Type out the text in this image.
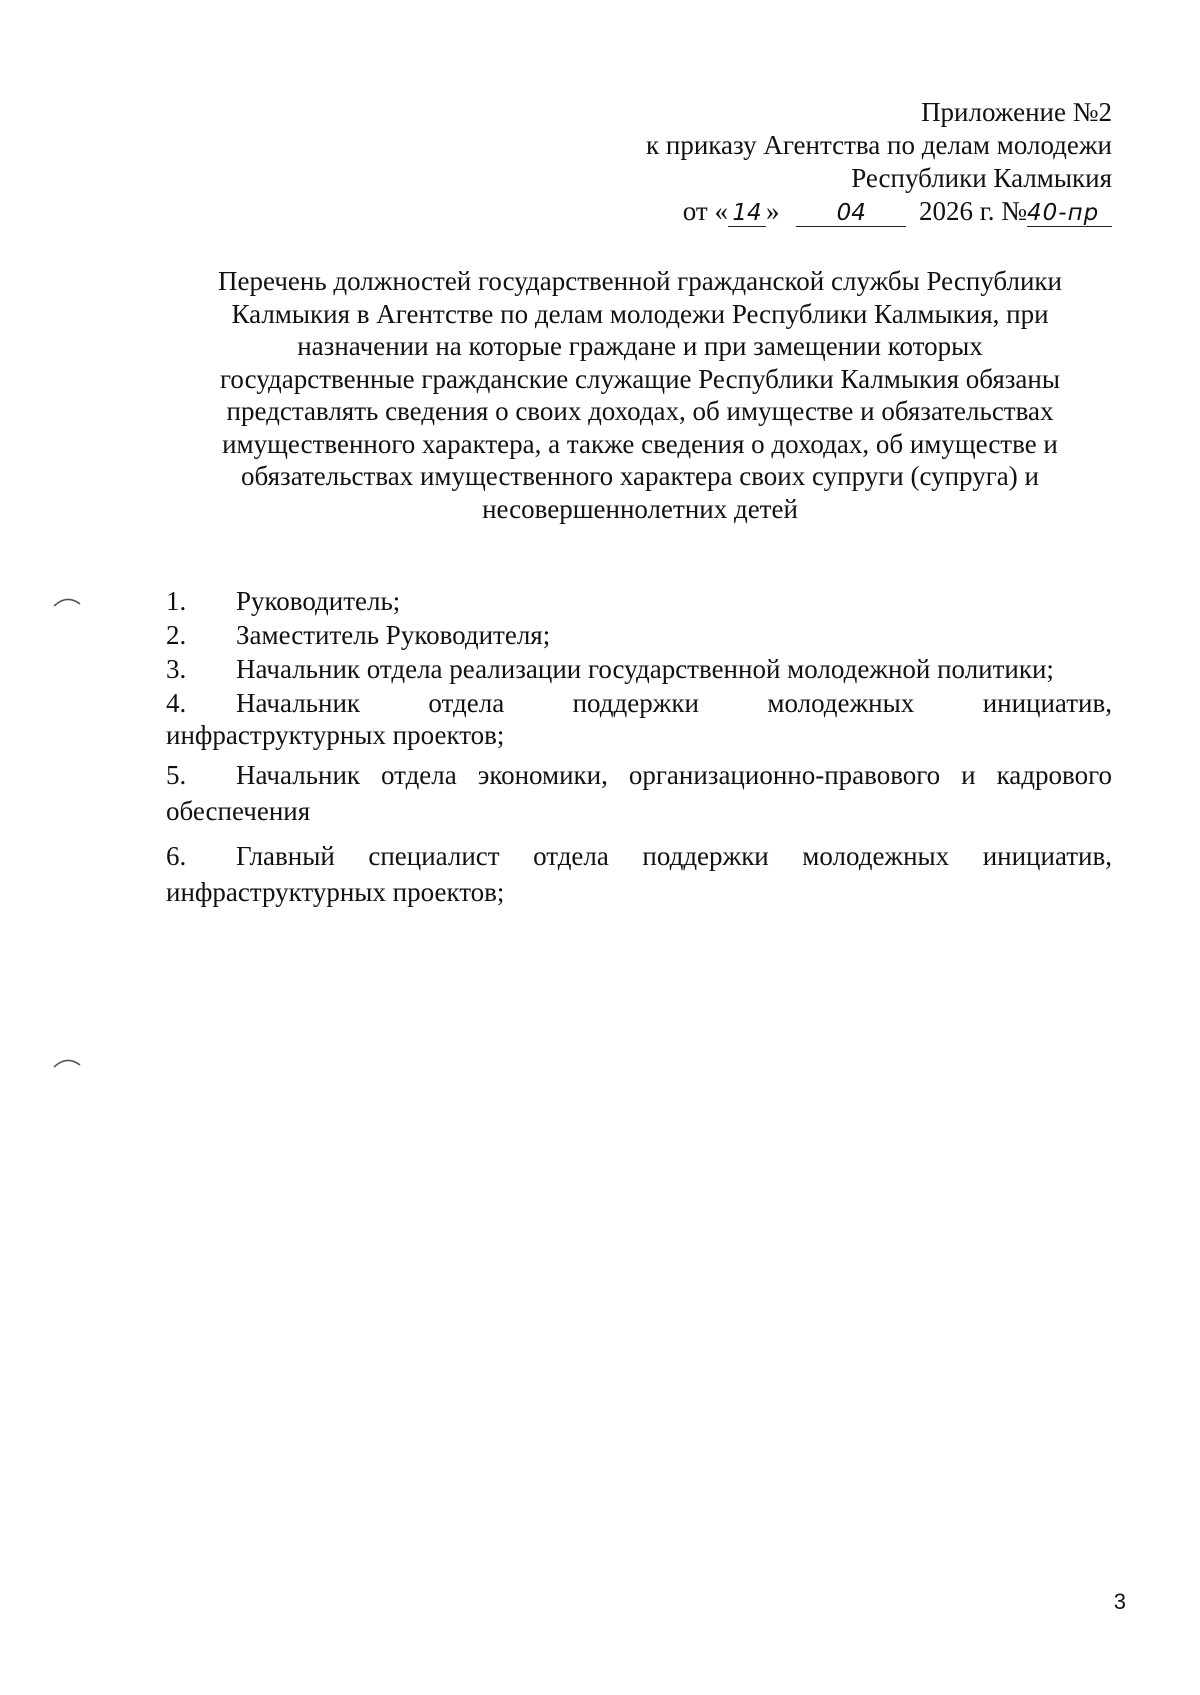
Приложение №2
к приказу Агентства по делам молодежи
Республики Калмыкия
от « 14 » 04 2026 г. №40-пр
Перечень должностей государственной гражданской службы Республики
Калмыкия в Агентстве по делам молодежи Республики Калмыкия, при
назначении на которые граждане и при замещении которых
государственные гражданские служащие Республики Калмыкия обязаны
представлять сведения о своих доходах, об имуществе и обязательствах
имущественного характера, а также сведения о доходах, об имуществе и
обязательствах имущественного характера своих супруги (супруга) и
несовершеннолетних детей
1.	Руководитель;
2.	Заместитель Руководителя;
3.	Начальник отдела реализации государственной молодежной политики;
4.	Начальник	отдела	поддержки	молодежных	инициатив,
инфраструктурных проектов;
5.	Начальник отдела экономики, организационно-правового и кадрового
обеспечения
6.	Главный специалист отдела поддержки молодежных инициатив,
инфраструктурных проектов;
3
